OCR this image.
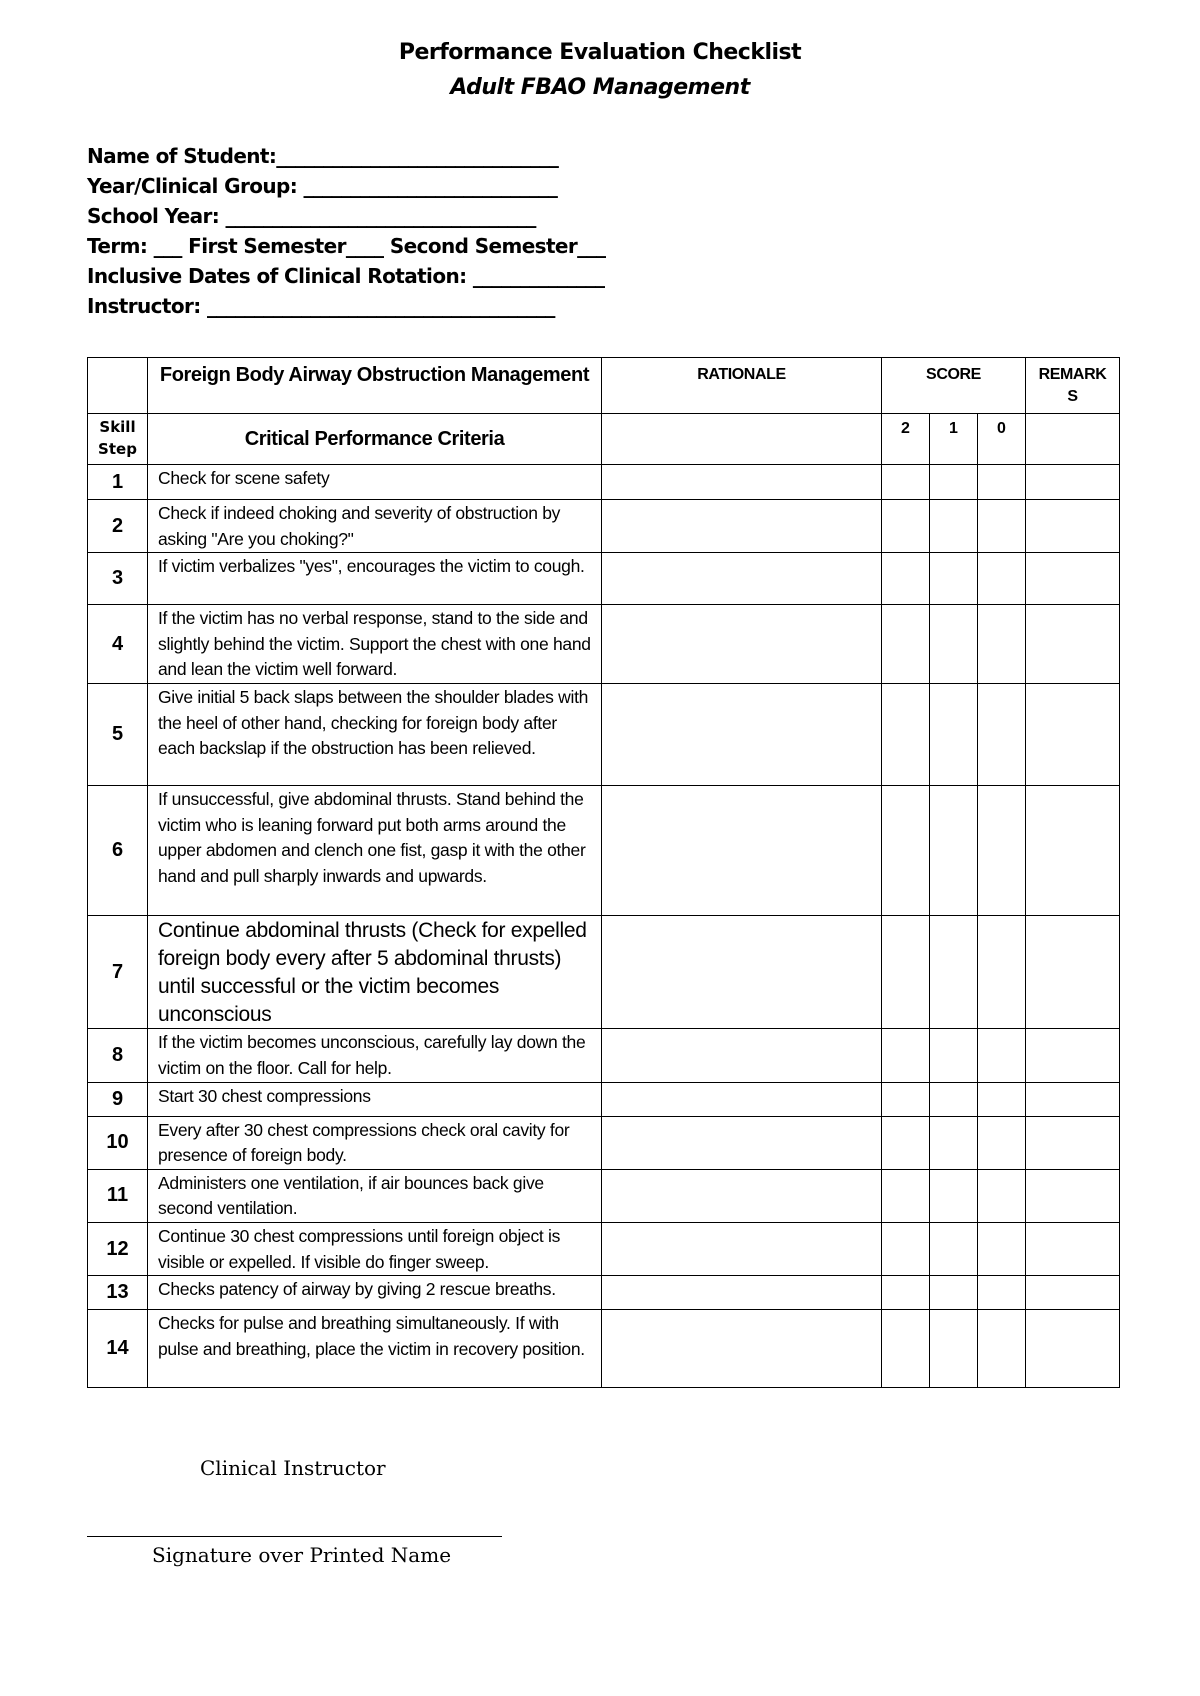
Performance Evaluation Checklist
Adult FBAO Management
Name of Student:______________________________
Year/Clinical Group: ___________________________
School Year: _________________________________
Term: ___ First Semester____ Second Semester___
Inclusive Dates of Clinical Rotation: ______________
Instructor: _____________________________________
	Foreign Body Airway Obstruction Management	RATIONALE	SCORE			REMARKS
Skill Step	Critical Performance Criteria		2	1	0	
1	Check for scene safety					
2	Check if indeed choking and severity of obstruction by asking "Are you choking?"					
3	If victim verbalizes "yes", encourages the victim to cough.					
4	If the victim has no verbal response, stand to the side and slightly behind the victim. Support the chest with one hand and lean the victim well forward.					
5	Give initial 5 back slaps between the shoulder blades with the heel of other hand, checking for foreign body after each backslap if the obstruction has been relieved.					
6	If unsuccessful, give abdominal thrusts. Stand behind the victim who is leaning forward put both arms around the upper abdomen and clench one fist, gasp it with the other hand and pull sharply inwards and upwards.					
7	Continue abdominal thrusts (Check for expelled foreign body every after 5 abdominal thrusts) until successful or the victim becomes unconscious					
8	If the victim becomes unconscious, carefully lay down the victim on the floor. Call for help.					
9	Start 30 chest compressions					
10	Every after 30 chest compressions check oral cavity for presence of foreign body.					
11	Administers one ventilation, if air bounces back give second ventilation.					
12	Continue 30 chest compressions until foreign object is visible or expelled. If visible do finger sweep.					
13	Checks patency of airway by giving 2 rescue breaths.					
14	Checks for pulse and breathing simultaneously. If with pulse and breathing, place the victim in recovery position.					
Clinical Instructor
Signature over Printed Name
